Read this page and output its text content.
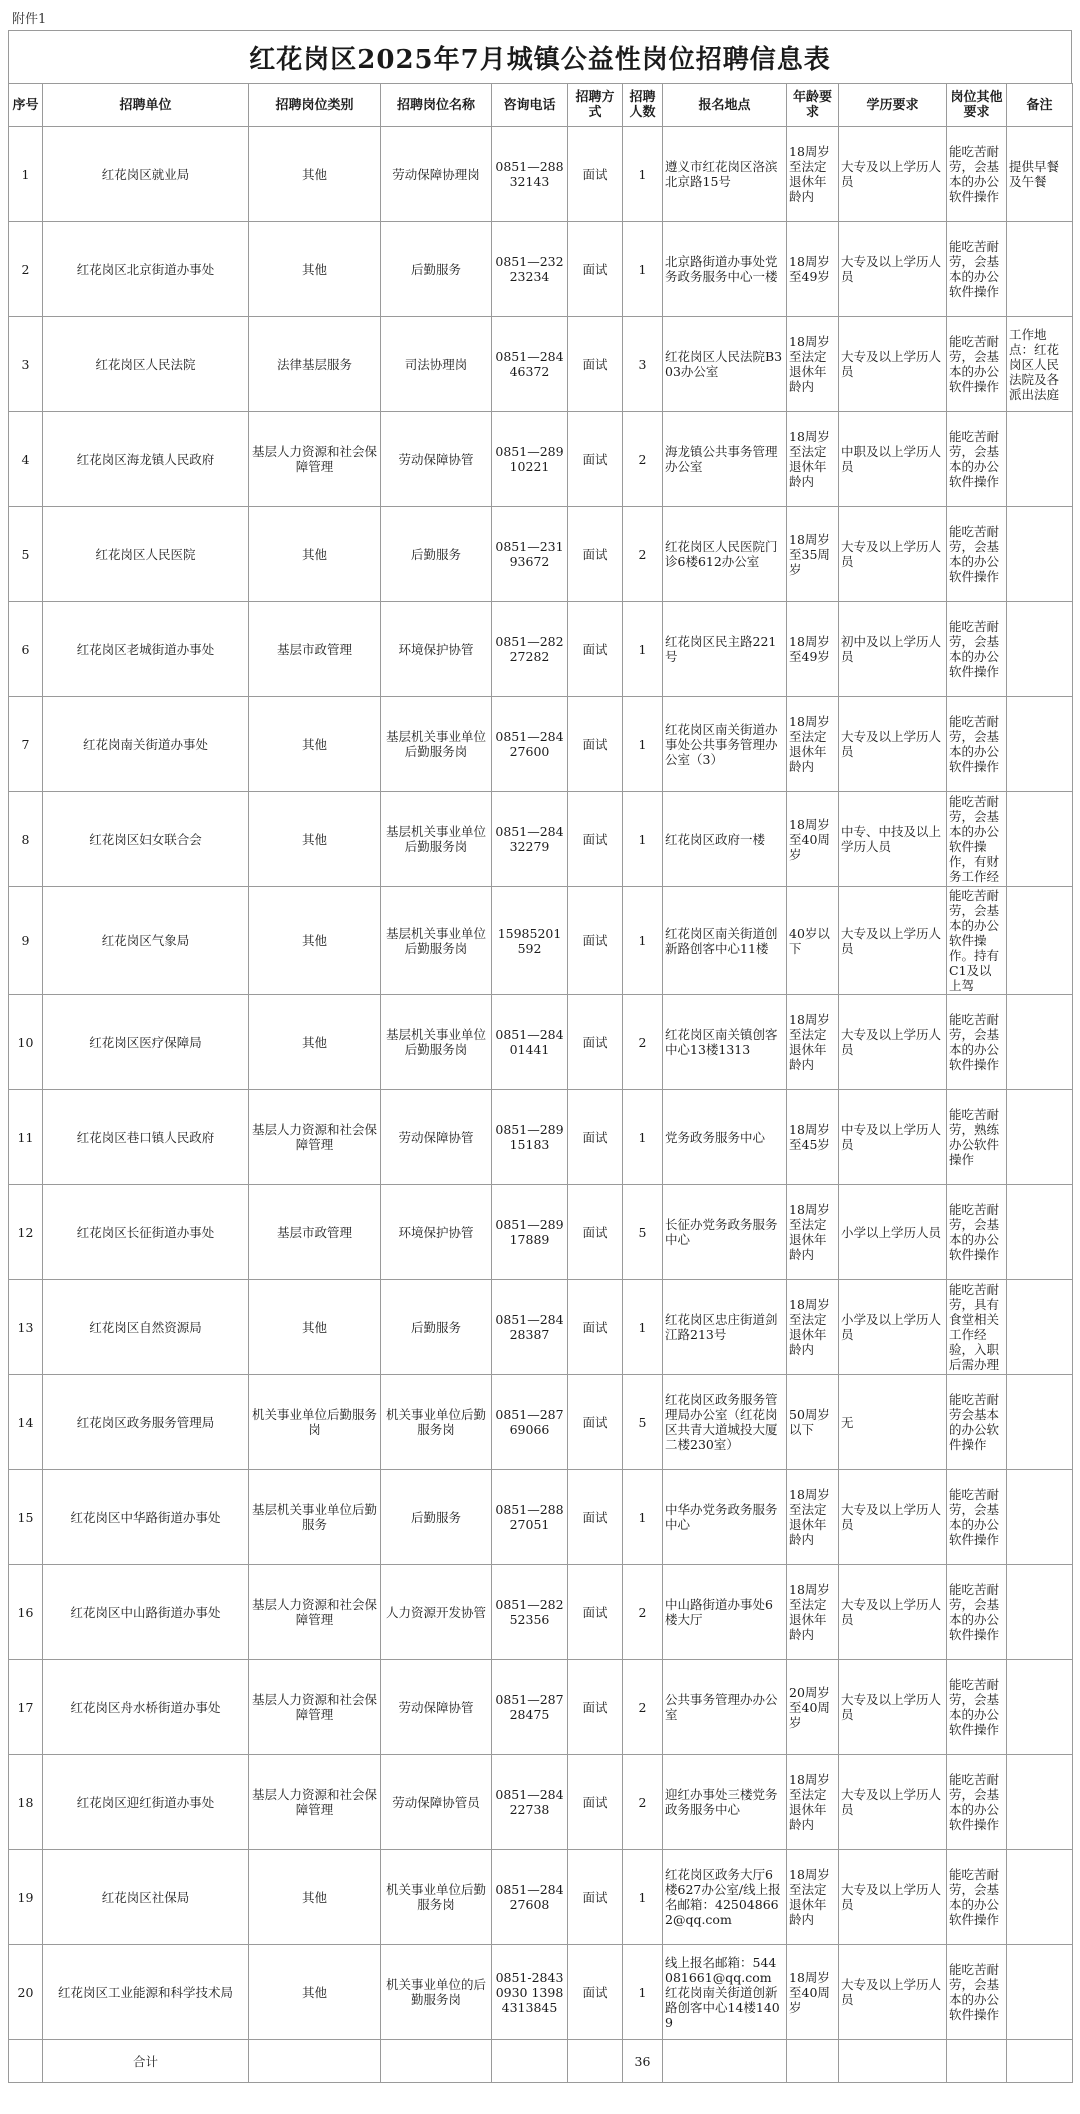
附件1
红花岗区2025年7月城镇公益性岗位招聘信息表
序号	招聘单位	招聘岗位类别	招聘岗位名称	咨询电话	招聘方式	招聘人数	报名地点	年龄要求	学历要求	岗位其他要求	备注
1	红花岗区就业局	其他	劳动保障协理岗	0851—28832143	面试	1	遵义市红花岗区洛滨北京路15号	18周岁至法定退休年龄内	大专及以上学历人员	能吃苦耐劳，会基本的办公软件操作	提供早餐及午餐
2	红花岗区北京街道办事处	其他	后勤服务	0851—23223234	面试	1	北京路街道办事处党务政务服务中心一楼	18周岁至49岁	大专及以上学历人员	能吃苦耐劳，会基本的办公软件操作	
3	红花岗区人民法院	法律基层服务	司法协理岗	0851—28446372	面试	3	红花岗区人民法院B303办公室	18周岁至法定退休年龄内	大专及以上学历人员	能吃苦耐劳，会基本的办公软件操作	工作地点：红花岗区人民法院及各派出法庭
4	红花岗区海龙镇人民政府	基层人力资源和社会保障管理	劳动保障协管	0851—28910221	面试	2	海龙镇公共事务管理办公室	18周岁至法定退休年龄内	中职及以上学历人员	能吃苦耐劳，会基本的办公软件操作	
5	红花岗区人民医院	其他	后勤服务	0851—23193672	面试	2	红花岗区人民医院门诊6楼612办公室	18周岁至35周岁	大专及以上学历人员	能吃苦耐劳，会基本的办公软件操作	
6	红花岗区老城街道办事处	基层市政管理	环境保护协管	0851—28227282	面试	1	红花岗区民主路221号	18周岁至49岁	初中及以上学历人员	能吃苦耐劳，会基本的办公软件操作	
7	红花岗南关街道办事处	其他	基层机关事业单位后勤服务岗	0851—28427600	面试	1	红花岗区南关街道办事处公共事务管理办公室（3）	18周岁至法定退休年龄内	大专及以上学历人员	能吃苦耐劳，会基本的办公软件操作	
8	红花岗区妇女联合会	其他	基层机关事业单位后勤服务岗	0851—28432279	面试	1	红花岗区政府一楼	18周岁至40周岁	中专、中技及以上学历人员	能吃苦耐劳，会基本的办公软件操作，有财务工作经	
9	红花岗区气象局	其他	基层机关事业单位后勤服务岗	15985201592	面试	1	红花岗区南关街道创新路创客中心11楼	40岁以下	大专及以上学历人员	能吃苦耐劳，会基本的办公软件操作。持有C1及以上驾	
10	红花岗区医疗保障局	其他	基层机关事业单位后勤服务岗	0851—28401441	面试	2	红花岗区南关镇创客中心13楼1313	18周岁至法定退休年龄内	大专及以上学历人员	能吃苦耐劳，会基本的办公软件操作	
11	红花岗区巷口镇人民政府	基层人力资源和社会保障管理	劳动保障协管	0851—28915183	面试	1	党务政务服务中心	18周岁至45岁	中专及以上学历人员	能吃苦耐劳，熟练办公软件操作	
12	红花岗区长征街道办事处	基层市政管理	环境保护协管	0851—28917889	面试	5	长征办党务政务服务中心	18周岁至法定退休年龄内	小学以上学历人员	能吃苦耐劳，会基本的办公软件操作	
13	红花岗区自然资源局	其他	后勤服务	0851—28428387	面试	1	红花岗区忠庄街道剑江路213号	18周岁至法定退休年龄内	小学及以上学历人员	能吃苦耐劳，具有食堂相关工作经验，入职后需办理	
14	红花岗区政务服务管理局	机关事业单位后勤服务岗	机关事业单位后勤服务岗	0851—28769066	面试	5	红花岗区政务服务管理局办公室（红花岗区共青大道城投大厦二楼230室）	50周岁以下	无	能吃苦耐劳会基本的办公软件操作	
15	红花岗区中华路街道办事处	基层机关事业单位后勤服务	后勤服务	0851—28827051	面试	1	中华办党务政务服务中心	18周岁至法定退休年龄内	大专及以上学历人员	能吃苦耐劳，会基本的办公软件操作	
16	红花岗区中山路街道办事处	基层人力资源和社会保障管理	人力资源开发协管	0851—28252356	面试	2	中山路街道办事处6楼大厅	18周岁至法定退休年龄内	大专及以上学历人员	能吃苦耐劳，会基本的办公软件操作	
17	红花岗区舟水桥街道办事处	基层人力资源和社会保障管理	劳动保障协管	0851—28728475	面试	2	公共事务管理办办公室	20周岁至40周岁	大专及以上学历人员	能吃苦耐劳，会基本的办公软件操作	
18	红花岗区迎红街道办事处	基层人力资源和社会保障管理	劳动保障协管员	0851—28422738	面试	2	迎红办事处三楼党务政务服务中心	18周岁至法定退休年龄内	大专及以上学历人员	能吃苦耐劳，会基本的办公软件操作	
19	红花岗区社保局	其他	机关事业单位后勤服务岗	0851—28427608	面试	1	红花岗区政务大厅6楼627办公室/线上报名邮箱：425048662@qq.com	18周岁至法定退休年龄内	大专及以上学历人员	能吃苦耐劳，会基本的办公软件操作	
20	红花岗区工业能源和科学技术局	其他	机关事业单位的后勤服务岗	0851-28430930 13984313845	面试	1	线上报名邮箱：544081661@qq.com 红花岗南关街道创新路创客中心14楼1409	18周岁至40周岁	大专及以上学历人员	能吃苦耐劳，会基本的办公软件操作	
	合计					36					
